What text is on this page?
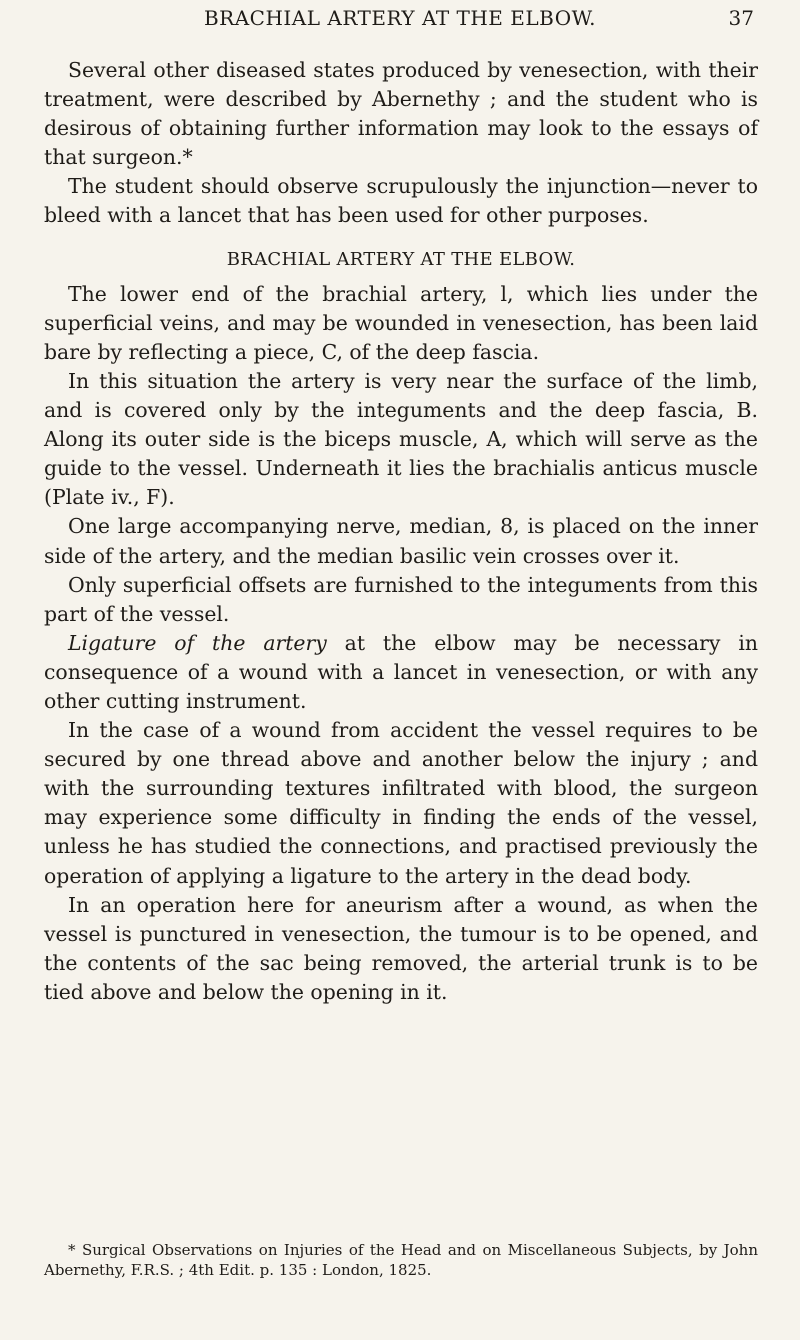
BRACHIAL ARTERY AT THE ELBOW.	37

Several other diseased states produced by venesection, with their treatment, were described by Abernethy ; and the student who is desirous of obtaining further information may look to the essays of that surgeon.*

The student should observe scrupulously the injunction—never to bleed with a lancet that has been used for other purposes.

BRACHIAL ARTERY AT THE ELBOW.

The lower end of the brachial artery, l, which lies under the superficial veins, and may be wounded in venesection, has been laid bare by reflecting a piece, C, of the deep fascia.

In this situation the artery is very near the surface of the limb, and is covered only by the integuments and the deep fascia, B. Along its outer side is the biceps muscle, A, which will serve as the guide to the vessel. Underneath it lies the brachialis anticus muscle (Plate iv., F).

One large accompanying nerve, median, 8, is placed on the inner side of the artery, and the median basilic vein crosses over it.

Only superficial offsets are furnished to the integuments from this part of the vessel.

Ligature of the artery at the elbow may be necessary in consequence of a wound with a lancet in venesection, or with any other cutting instrument.

In the case of a wound from accident the vessel requires to be secured by one thread above and another below the injury ; and with the surrounding textures infiltrated with blood, the surgeon may experience some difficulty in finding the ends of the vessel, unless he has studied the connections, and practised previously the operation of applying a ligature to the artery in the dead body.

In an operation here for aneurism after a wound, as when the vessel is punctured in venesection, the tumour is to be opened, and the contents of the sac being removed, the arterial trunk is to be tied above and below the opening in it.

* Surgical Observations on Injuries of the Head and on Miscellaneous Subjects, by John Abernethy, F.R.S. ; 4th Edit. p. 135 : London, 1825.
